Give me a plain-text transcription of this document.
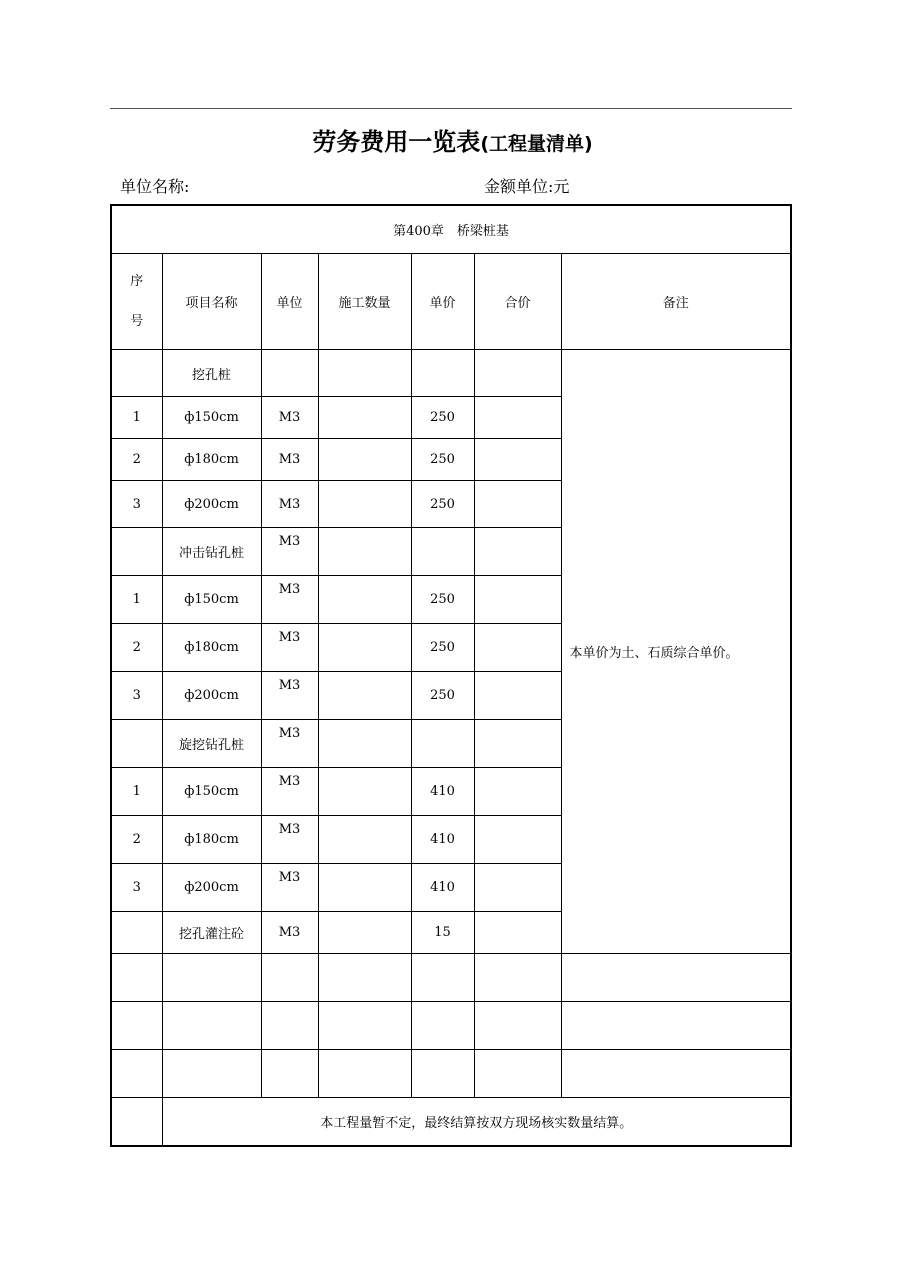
劳务费用一览表(工程量清单)
单位名称:	金额单位:元
第400章　桥梁桩基						

序
号	项目名称	单位	施工数量	单价	合价	备注
	挖孔桩					本单价为土、石质综合单价。
1	ф150cm	M3		250		
2	ф180cm	M3		250		
3	ф200cm	M3		250		
	冲击钻孔桩	M3				
1	ф150cm	M3		250		
2	ф180cm	M3		250		
3	ф200cm	M3		250		
	旋挖钻孔桩	M3				
1	ф150cm	M3		410		
2	ф180cm	M3		410		
3	ф200cm	M3		410		
	挖孔灌注砼	M3		15		

	本工程量暂不定，最终结算按双方现场核实数量结算。					
